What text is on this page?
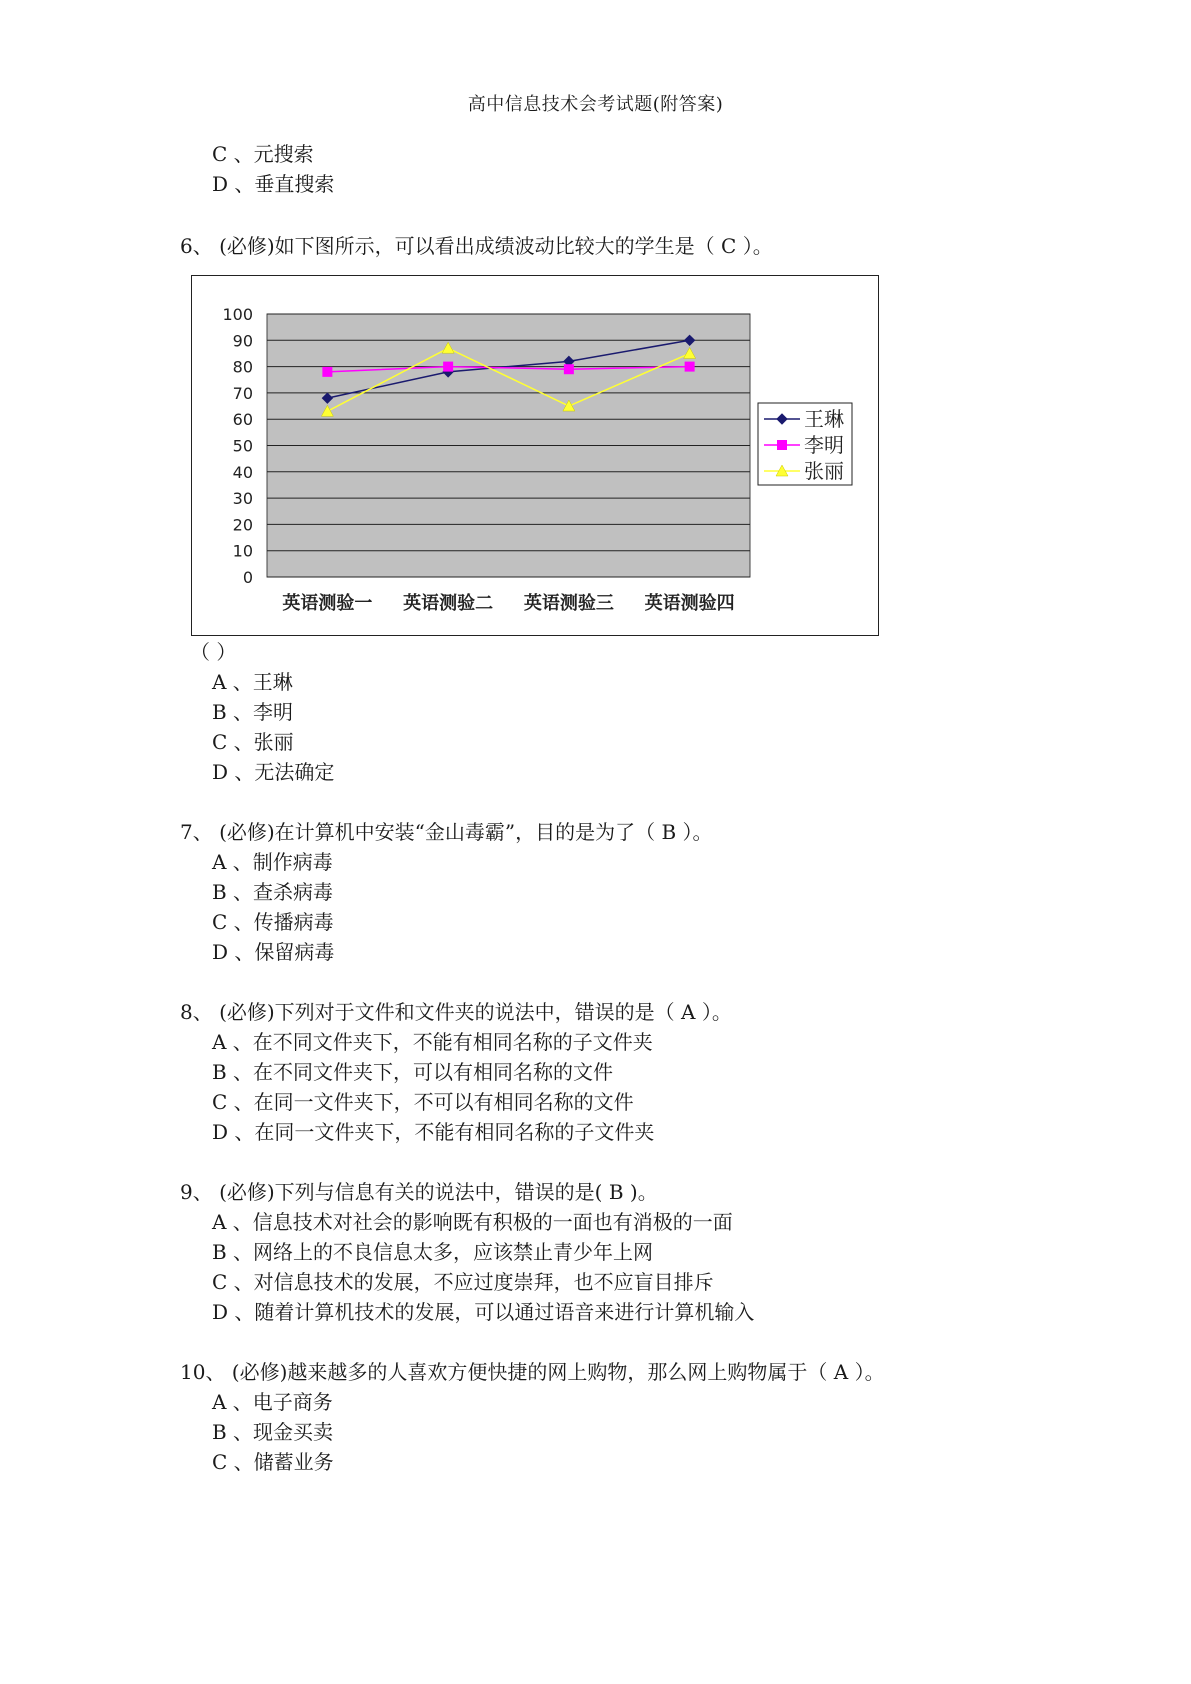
高中信息技术会考试题(附答案)
C 、元搜索
D 、垂直搜索
6、 (必修)如下图所示，可以看出成绩波动比较大的学生是（ C ）。
0
10
20
30
40
50
60
70
80
90
100
英语测验一 英语测验二 英语测验三 英语测验四
王琳
李明
张丽
（ ）
A 、王琳
B 、李明
C 、张丽
D 、无法确定
7、 (必修)在计算机中安装“金山毒霸”，目的是为了（ B ）。
A 、制作病毒
B 、查杀病毒
C 、传播病毒
D 、保留病毒
8、 (必修)下列对于文件和文件夹的说法中，错误的是（ A ）。
A 、在不同文件夹下，不能有相同名称的子文件夹
B 、在不同文件夹下，可以有相同名称的文件
C 、在同一文件夹下，不可以有相同名称的文件
D 、在同一文件夹下，不能有相同名称的子文件夹
9、 (必修)下列与信息有关的说法中，错误的是( B )。
A 、信息技术对社会的影响既有积极的一面也有消极的一面
B 、网络上的不良信息太多，应该禁止青少年上网
C 、对信息技术的发展，不应过度崇拜，也不应盲目排斥
D 、随着计算机技术的发展，可以通过语音来进行计算机输入
10、 (必修)越来越多的人喜欢方便快捷的网上购物，那么网上购物属于（ A ）。
A 、电子商务
B 、现金买卖
C 、储蓄业务
